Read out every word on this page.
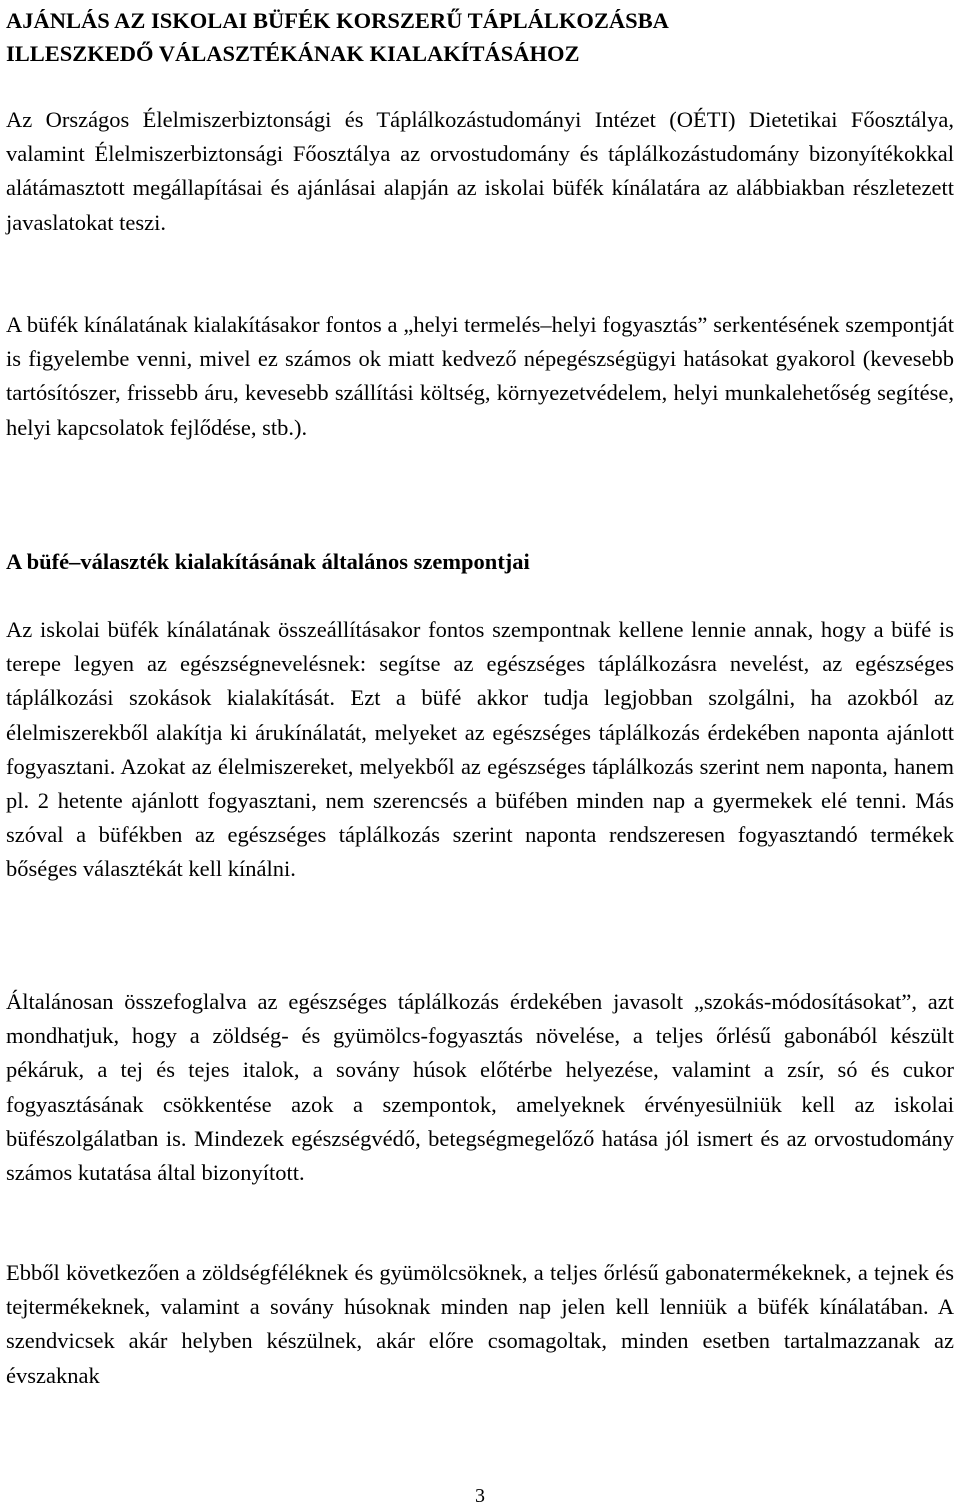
AJÁNLÁS AZ ISKOLAI BÜFÉK KORSZERŰ TÁPLÁLKOZÁSBA
ILLESZKEDŐ VÁLASZTÉKÁNAK KIALAKÍTÁSÁHOZ

Az Országos Élelmiszerbiztonsági és Táplálkozástudományi Intézet (OÉTI) Dietetikai Főosztálya, valamint Élelmiszerbiztonsági Főosztálya az orvostudomány és táplálkozástudomány bizonyítékokkal alátámasztott megállapításai és ajánlásai alapján az iskolai büfék kínálatára az alábbiakban részletezett javaslatokat teszi.

A büfék kínálatának kialakításakor fontos a „helyi termelés–helyi fogyasztás” serkentésének szempontját is figyelembe venni, mivel ez számos ok miatt kedvező népegészségügyi hatásokat gyakorol (kevesebb tartósítószer, frissebb áru, kevesebb szállítási költség, környezetvédelem, helyi munkalehetőség segítése, helyi kapcsolatok fejlődése, stb.).

A büfé–választék kialakításának általános szempontjai

Az iskolai büfék kínálatának összeállításakor fontos szempontnak kellene lennie annak, hogy a büfé is terepe legyen az egészségnevelésnek: segítse az egészséges táplálkozásra nevelést, az egészséges táplálkozási szokások kialakítását. Ezt a büfé akkor tudja legjobban szolgálni, ha azokból az élelmiszerekből alakítja ki árukínálatát, melyeket az egészséges táplálkozás érdekében naponta ajánlott fogyasztani. Azokat az élelmiszereket, melyekből az egészséges táplálkozás szerint nem naponta, hanem pl. 2 hetente ajánlott fogyasztani, nem szerencsés a büfében minden nap a gyermekek elé tenni. Más szóval a büfékben az egészséges táplálkozás szerint naponta rendszeresen fogyasztandó termékek bőséges választékát kell kínálni.

Általánosan összefoglalva az egészséges táplálkozás érdekében javasolt „szokás-módosításokat”, azt mondhatjuk, hogy a zöldség- és gyümölcs-fogyasztás növelése, a teljes őrlésű gabonából készült pékáruk, a tej és tejes italok, a sovány húsok előtérbe helyezése, valamint a zsír, só és cukor fogyasztásának csökkentése azok a szempontok, amelyeknek érvényesülniük kell az iskolai büfészolgálatban is. Mindezek egészségvédő, betegségmegelőző hatása jól ismert és az orvostudomány számos kutatása által bizonyított.

Ebből következően a zöldségféléknek és gyümölcsöknek, a teljes őrlésű gabonatermékeknek, a tejnek és tejtermékeknek, valamint a sovány húsoknak minden nap jelen kell lenniük a büfék kínálatában. A szendvicsek akár helyben készülnek, akár előre csomagoltak, minden esetben tartalmazzanak az évszaknak

3
